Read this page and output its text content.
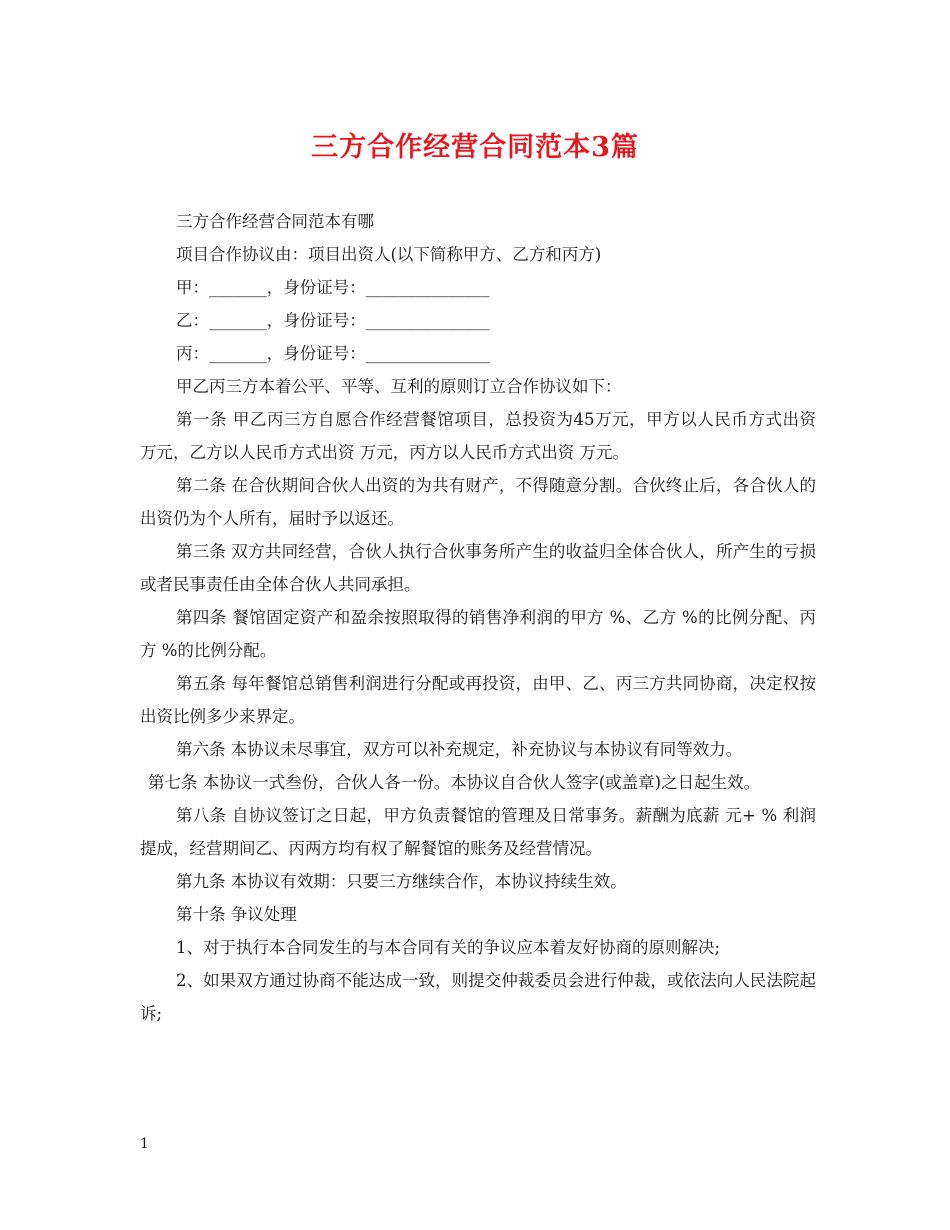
三方合作经营合同范本3篇

三方合作经营合同范本有哪

项目合作协议由：项目出资人(以下简称甲方、乙方和丙方)

甲：_______，身份证号：_______________

乙：_______，身份证号：_______________

丙：_______，身份证号：_______________

甲乙丙三方本着公平、平等、互利的原则订立合作协议如下：

第一条 甲乙丙三方自愿合作经营餐馆项目，总投资为45万元，甲方以人民币方式出资 万元，乙方以人民币方式出资 万元，丙方以人民币方式出资 万元。

第二条 在合伙期间合伙人出资的为共有财产，不得随意分割。合伙终止后，各合伙人的出资仍为个人所有，届时予以返还。

第三条 双方共同经营，合伙人执行合伙事务所产生的收益归全体合伙人，所产生的亏损或者民事责任由全体合伙人共同承担。

第四条 餐馆固定资产和盈余按照取得的销售净利润的甲方 %、乙方 %的比例分配、丙方 %的比例分配。

第五条 每年餐馆总销售利润进行分配或再投资，由甲、乙、丙三方共同协商，决定权按出资比例多少来界定。

第六条 本协议未尽事宜，双方可以补充规定，补充协议与本协议有同等效力。

第七条 本协议一式叁份，合伙人各一份。本协议自合伙人签字(或盖章)之日起生效。

第八条 自协议签订之日起，甲方负责餐馆的管理及日常事务。薪酬为底薪 元+ % 利润提成，经营期间乙、丙两方均有权了解餐馆的账务及经营情况。

第九条 本协议有效期：只要三方继续合作，本协议持续生效。

第十条 争议处理

1、对于执行本合同发生的与本合同有关的争议应本着友好协商的原则解决;

2、如果双方通过协商不能达成一致，则提交仲裁委员会进行仲裁，或依法向人民法院起诉;

1
